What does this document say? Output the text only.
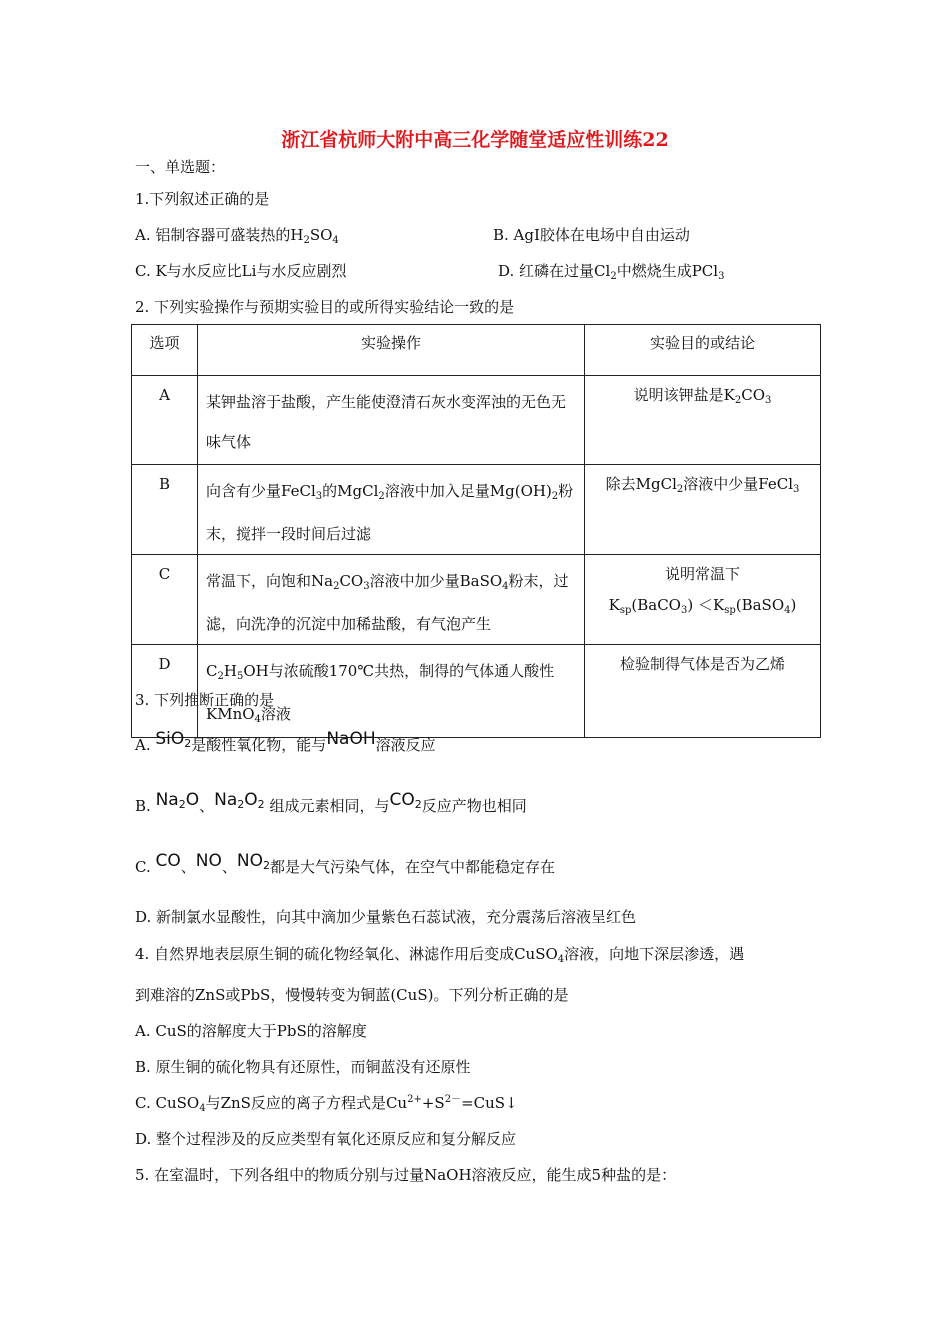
浙江省杭师大附中高三化学随堂适应性训练22
一、单选题：
1.下列叙述正确的是
A. 铝制容器可盛装热的$H_2SO_4$	B. AgI胶体在电场中自由运动
C. K与水反应比Li与水反应剧烈	D. 红磷在过量$Cl_2$中燃烧生成PCl$_3$
2. 下列实验操作与预期实验目的或所得实验结论一致的是
选项	实验操作	实验目的或结论
A	某钾盐溶于盐酸，产生能使澄清石灰水变浑浊的无色无味气体	说明该钾盐是$K_2CO_3$
B	向含有少量FeCl$_3$的MgCl$_2$溶液中加入足量$Mg(OH)_2$粉末，搅拌一段时间后过滤	除去MgCl$_2$溶液中少量FeCl$_3$
C	常温下，向饱和$Na_2CO_3$溶液中加少量BaSO$_4$粉末，过滤，向洗净的沉淀中加稀盐酸，有气泡产生	说明常温下
$K_{sp}(BaCO_3)$ $<K_{sp}(BaSO_4)$

D	$C_2H_5OH$与浓硫酸170℃共热，制得的气体通人酸性KMnO$_4$溶液	检验制得气体是否为乙烯
3. 下列推断正确的是
A. SiO2是酸性氧化物，能与NaOH溶液反应
B. Na2O、Na2O2 组成元素相同，与CO2反应产物也相同
C. CO、NO、NO2都是大气污染气体，在空气中都能稳定存在
D. 新制氯水显酸性，向其中滴加少量紫色石蕊试液，充分震荡后溶液呈红色
4. 自然界地表层原生铜的硫化物经氧化、淋滤作用后变成CuSO$_4$溶液，向地下深层渗透，遇
到难溶的ZnS或PbS，慢慢转变为铜蓝(CuS)。下列分析正确的是
A. CuS的溶解度大于PbS的溶解度
B. 原生铜的硫化物具有还原性，而铜蓝没有还原性
C. CuSO$_4$与ZnS反应的离子方程式是$Cu^{2+}+S^{2-}=CuS↓$
D. 整个过程涉及的反应类型有氧化还原反应和复分解反应
5. 在室温时，下列各组中的物质分别与过量NaOH溶液反应，能生成5种盐的是：
